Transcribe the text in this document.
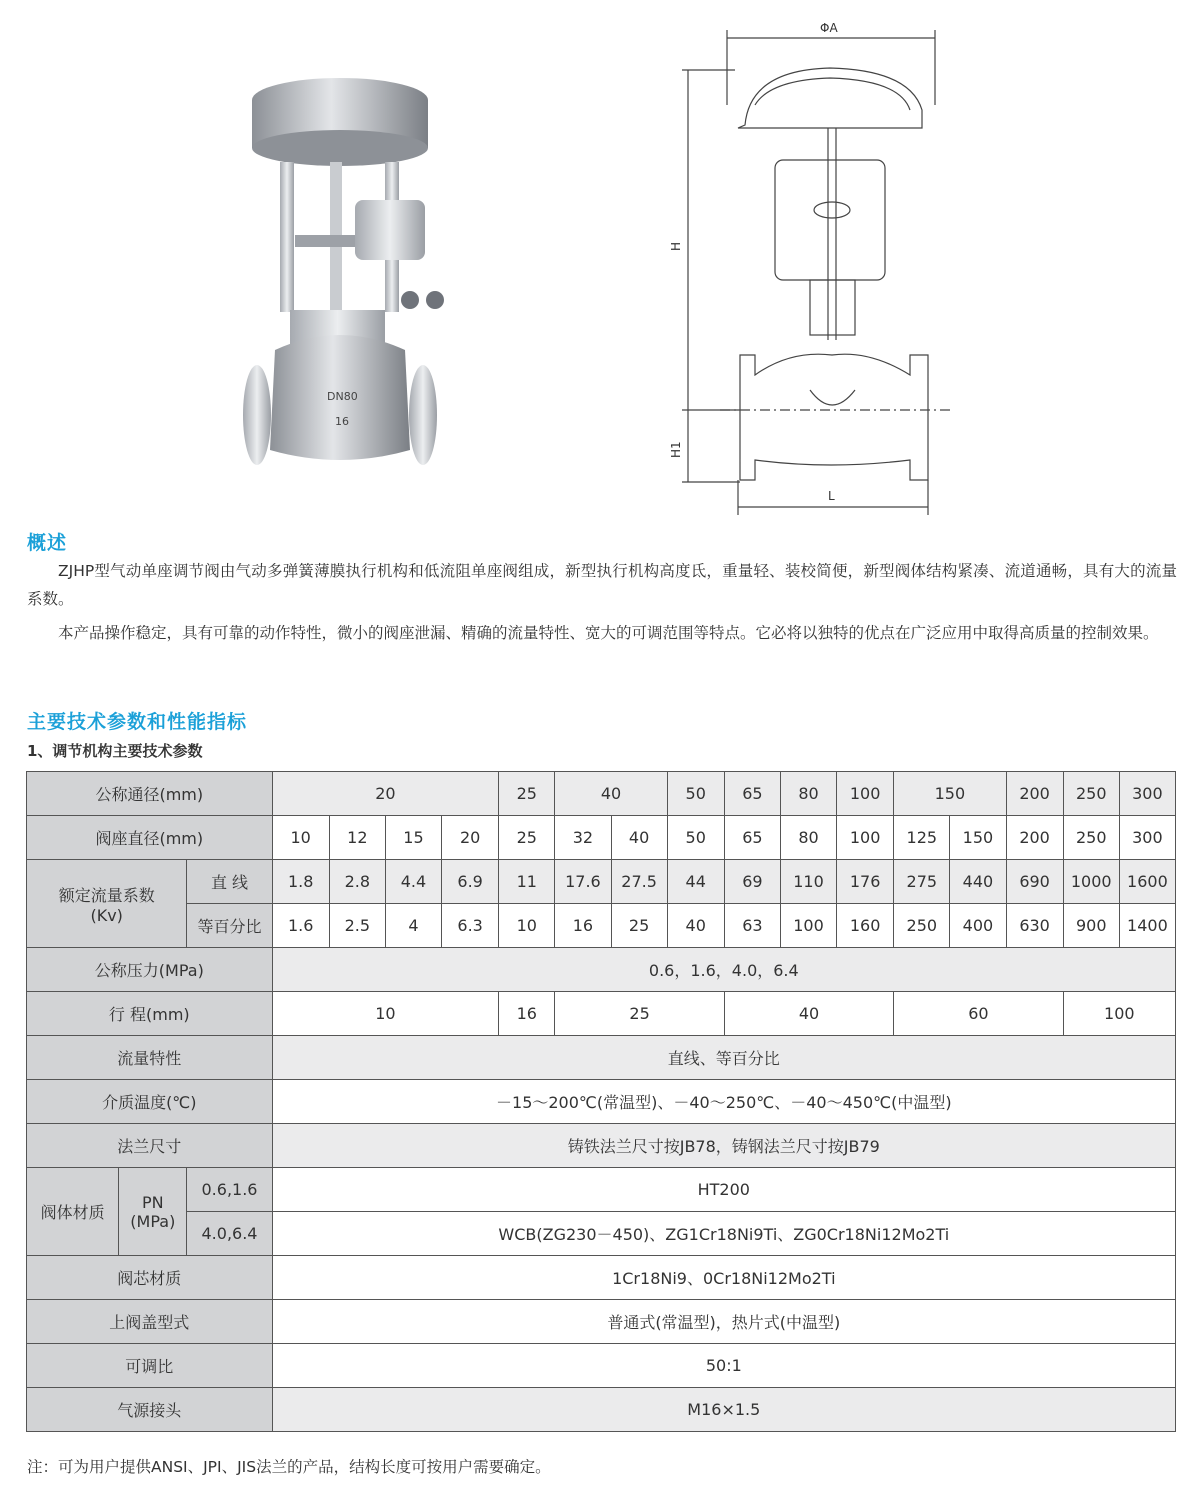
DN80
16
ΦA
H
H1
L
概述
ZJHP型气动单座调节阀由气动多弹簧薄膜执行机构和低流阻单座阀组成，新型执行机构高度氐，重量轻、装校简便，新型阀体结构紧凑、流道通畅，具有大的流量系数。
本产品操作稳定，具有可靠的动作特性，微小的阀座泄漏、精确的流量特性、宽大的可调范围等特点。它必将以独特的优点在广泛应用中取得高质量的控制效果。
主要技术参数和性能指标
1、调节机构主要技术参数
公称通径(mm)			20				25	40		50	65	80	100	150		200	250	300
阀座直径(mm)			10	12	15	20	25	32	40	50	65	80	100	125	150	200	250	300

额定流量系数
(Kv)		直 线	1.8	2.8	4.4	6.9	11	17.6	27.5	44	69	110	176	275	440	690	1000	1600
		等百分比	1.6	2.5	4	6.3	10	16	25	40	63	100	160	250	400	630	900	1400
公称压力(MPa)			0.6，1.6，4.0，6.4															
行 程(mm)			10				16	25			40			60			100	
流量特性			直线、等百分比															
介质温度(℃)			－15～200℃(常温型)、－40～250℃、－40～450℃(中温型)															
法兰尺寸			铸铁法兰尺寸按JB78，铸钢法兰尺寸按JB79															
阀体材质	PN
(MPa)	0.6,1.6	HT200															
		4.0,6.4	WCB(ZG230－450)、ZG1Cr18Ni9Ti、ZG0Cr18Ni12Mo2Ti															
阀芯材质			1Cr18Ni9、0Cr18Ni12Mo2Ti															
上阀盖型式			普通式(常温型)，热片式(中温型)															
可调比			50:1															
气源接头			M16×1.5															
注：可为用户提供ANSI、JPI、JIS法兰的产品，结构长度可按用户需要确定。
